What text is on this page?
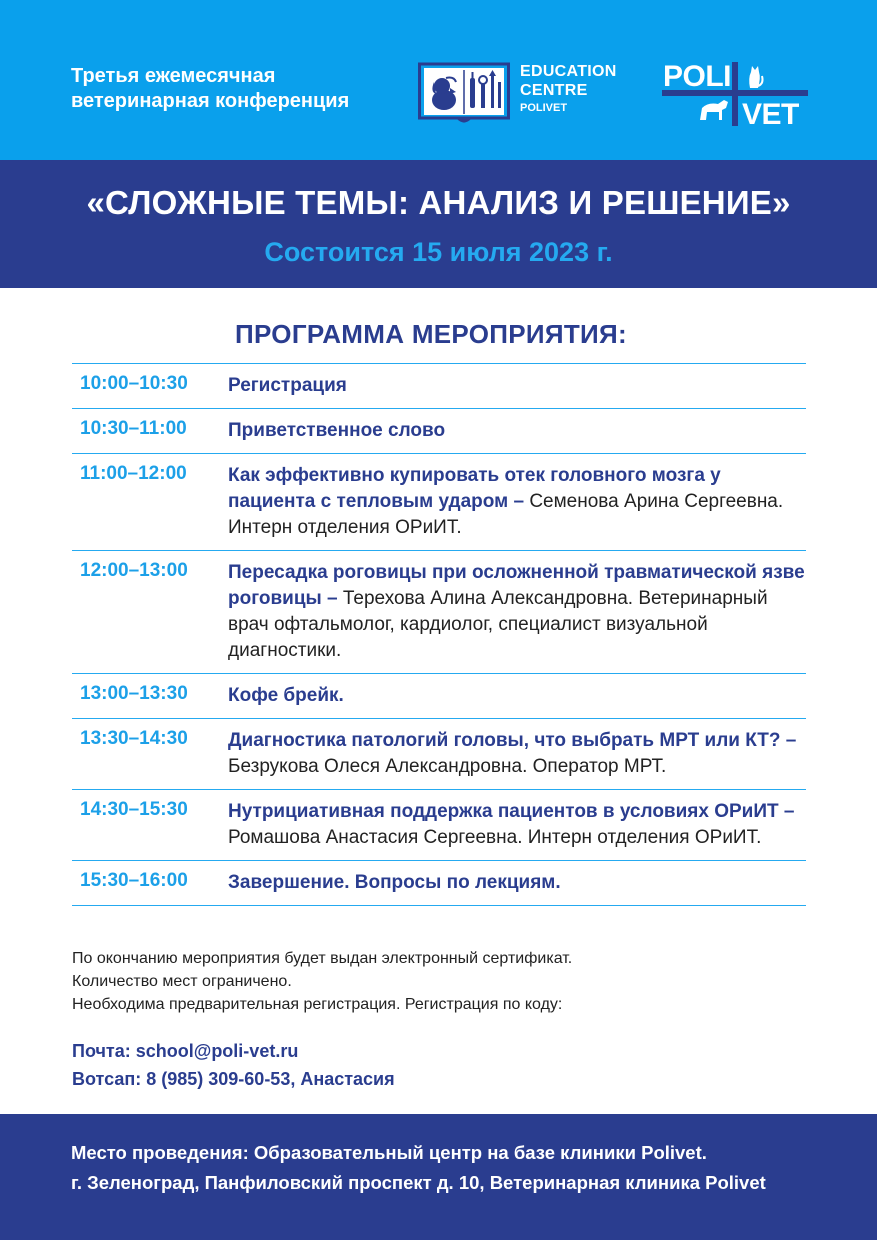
Третья ежемесячная
ветеринарная конференция
EDUCATION
CENTRE
POLIVET
POLI
VET
«СЛОЖНЫЕ ТЕМЫ: АНАЛИЗ И РЕШЕНИЕ»
Состоится 15 июля 2023 г.
ПРОГРАММА МЕРОПРИЯТИЯ:
10:00–10:30	Регистрация
10:30–11:00	Приветственное слово
11:00–12:00	Как эффективно купировать отек головного мозга у пациента с тепловым ударом – Семенова Арина Сергеевна. Интерн отделения ОРиИТ.
12:00–13:00	Пересадка роговицы при осложненной травматической язве роговицы – Терехова Алина Александровна. Ветеринарный врач офтальмолог, кардиолог, специалист визуальной диагностики.
13:00–13:30	Кофе брейк.
13:30–14:30	Диагностика патологий головы, что выбрать МРТ или КТ? – Безрукова Олеся Александровна. Оператор МРТ.
14:30–15:30	Нутрициативная поддержка пациентов в условиях ОРиИТ – Ромашова Анастасия Сергеевна. Интерн отделения ОРиИТ.
15:30–16:00	Завершение. Вопросы по лекциям.
По окончанию мероприятия будет выдан электронный сертификат.
Количество мест ограничено.
Необходима предварительная регистрация. Регистрация по коду:
Почта: school@poli-vet.ru
Вотсап: 8 (985) 309-60-53, Анастасия
Место проведения: Образовательный центр на базе клиники Polivet.
г. Зеленоград, Панфиловский проспект д. 10, Ветеринарная клиника Polivet
